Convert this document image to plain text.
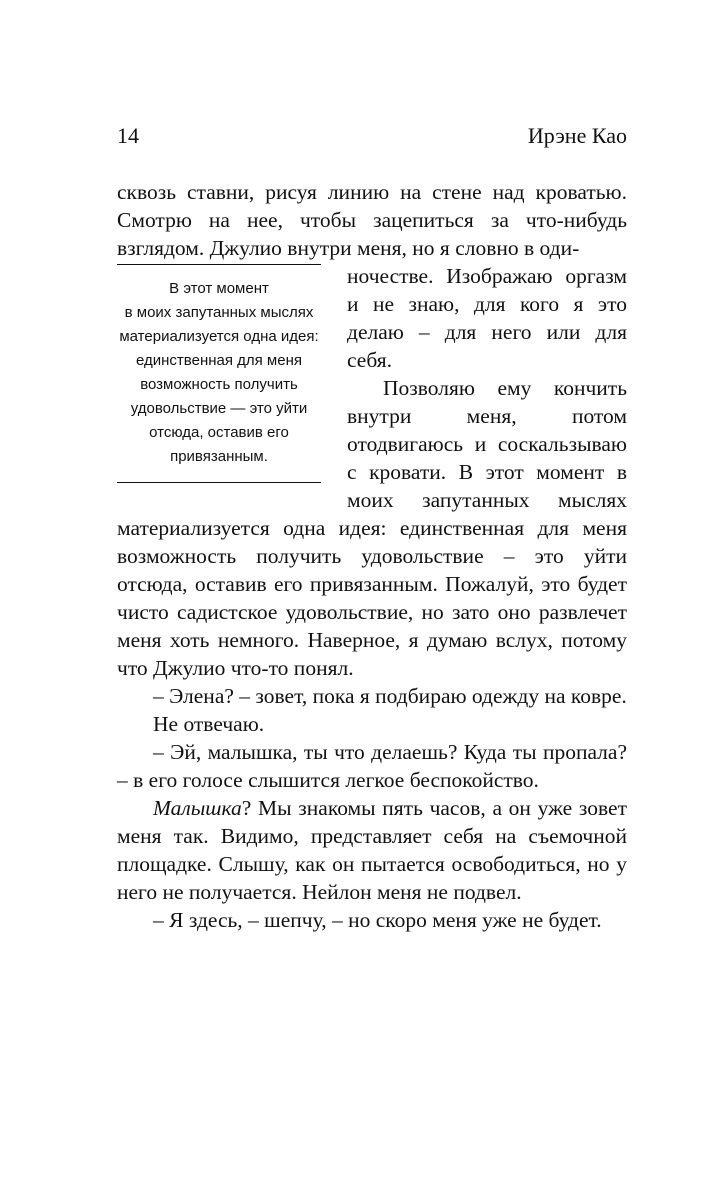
14	Ирэне Као

сквозь ставни, рисуя линию на стене над кроватью. Смотрю на нее, чтобы зацепиться за что-нибудь взглядом. Джулио внутри меня, но я словно в оди-

В этот момент
в моих запутанных мыслях
материализуется одна идея:
единственная для меня
возможность получить
удовольствие — это уйти
отсюда, оставив его
привязанным.

ночестве. Изображаю оргазм и не знаю, для кого я это делаю – для него или для себя.

Позволяю ему кончить внутри меня, потом отодвигаюсь и соскальзываю с кровати. В этот момент в моих запутанных мыслях материализуется одна идея: единственная для меня возможность получить удовольствие – это уйти отсюда, оставив его привязанным. Пожалуй, это будет чисто садистское удовольствие, но зато оно развлечет меня хоть немного. Наверное, я думаю вслух, потому что Джулио что-то понял.

– Элена? – зовет, пока я подбираю одежду на ковре.

Не отвечаю.

– Эй, малышка, ты что делаешь? Куда ты пропала? – в его голосе слышится легкое беспокойство.

Малышка? Мы знакомы пять часов, а он уже зовет меня так. Видимо, представляет себя на съемочной площадке. Слышу, как он пытается освободиться, но у него не получается. Нейлон меня не подвел.

– Я здесь, – шепчу, – но скоро меня уже не будет.
